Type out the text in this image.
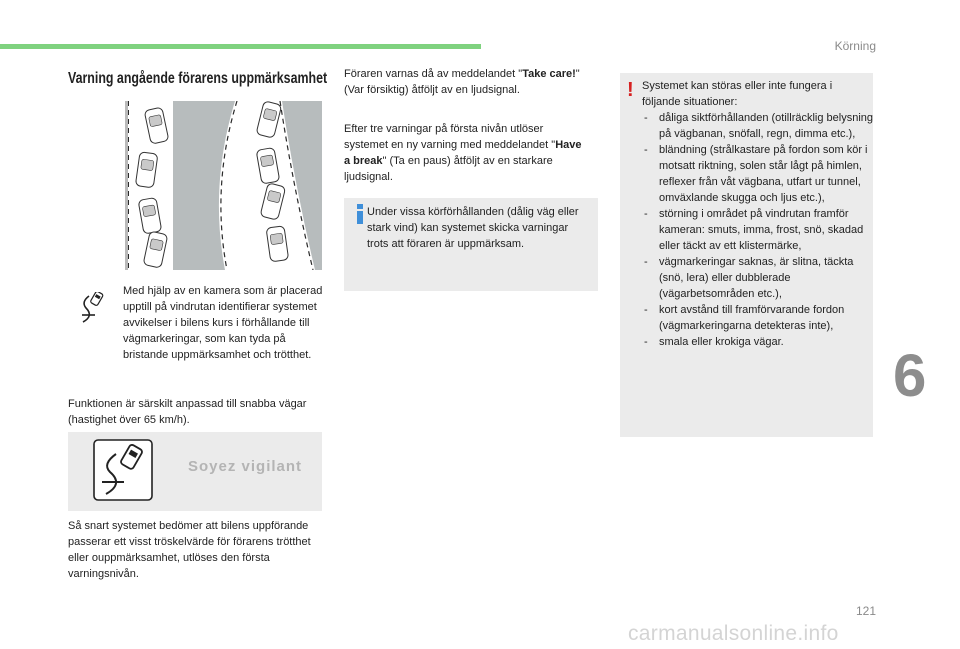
Körning
Varning angående förarens uppmärksamhet

Med hjälp av en kamera som är placerad upptill på vindrutan identifierar systemet avvikelser i bilens kurs i förhållande till vägmarkeringar, som kan tyda på bristande uppmärksamhet och trötthet.

Funktionen är särskilt anpassad till snabba vägar (hastighet över 65 km/h).

Soyez vigilant

Så snart systemet bedömer att bilens uppförande passerar ett visst tröskelvärde för förarens trötthet eller ouppmärksamhet, utlöses den första varningsnivån.

Föraren varnas då av meddelandet "Take care!" (Var försiktig) åtföljt av en ljudsignal.

Efter tre varningar på första nivån utlöser systemet en ny varning med meddelandet "Have a break" (Ta en paus) åtföljt av en starkare ljudsignal.

Under vissa körförhållanden (dålig väg eller stark vind) kan systemet skicka varningar trots att föraren är uppmärksam.

! Systemet kan störas eller inte fungera i följande situationer:

- dåliga siktförhållanden (otillräcklig belysning på vägbanan, snöfall, regn, dimma etc.),
- bländning (strålkastare på fordon som kör i motsatt riktning, solen står lågt på himlen, reflexer från våt vägbana, utfart ur tunnel, omväxlande skugga och ljus etc.),
- störning i området på vindrutan framför kameran: smuts, imma, frost, snö, skadad eller täckt av ett klistermärke,
- vägmarkeringar saknas, är slitna, täckta (snö, lera) eller dubblerade (vägarbetsområden etc.),
- kort avstånd till framförvarande fordon (vägmarkeringarna detekteras inte),
- smala eller krokiga vägar.	6
121
carmanualsonline.info
